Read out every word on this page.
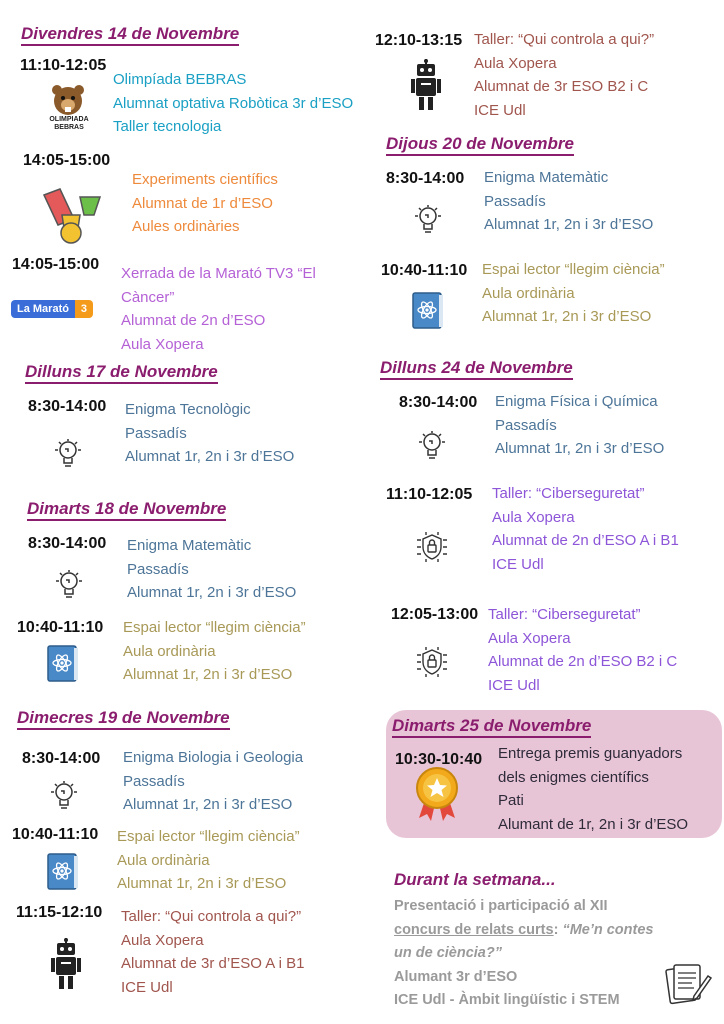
Divendres 14 de Novembre
11:10-12:05
OLIMPIADA
BEBRAS
Olimpíada BEBRAS
Alumnat optativa Robòtica 3r d’ESO
Taller tecnologia
14:05-15:00
Experiments científics
Alumnat de 1r d’ESO
Aules ordinàries
14:05-15:00
La Marató	3
Xerrada de la Marató TV3 “El
Càncer”
Alumnat de 2n d’ESO
Aula Xopera
Dilluns 17 de Novembre
8:30-14:00 Enigma Tecnològic
Passadís
Alumnat 1r, 2n i 3r d’ESO
Dimarts 18 de Novembre
8:30-14:00 Enigma Matemàtic
Passadís
Alumnat 1r, 2n i 3r d’ESO
10:40-11:10 Espai lector “llegim ciència”
Aula ordinària
Alumnat 1r, 2n i 3r d’ESO
Dimecres 19 de Novembre
8:30-14:00 Enigma Biologia i Geologia
Passadís
Alumnat 1r, 2n i 3r d’ESO
10:40-11:10 Espai lector “llegim ciència”
Aula ordinària
Alumnat 1r, 2n i 3r d’ESO
11:15-12:10 Taller: “Qui controla a qui?”
Aula Xopera
Alumnat de 3r d’ESO A i B1
ICE Udl
12:10-13:15 Taller: “Qui controla a qui?”
Aula Xopera
Alumnat de 3r ESO B2 i C
ICE Udl
Dijous 20 de Novembre
8:30-14:00 Enigma Matemàtic
Passadís
Alumnat 1r, 2n i 3r d’ESO
10:40-11:10 Espai lector “llegim ciència”
Aula ordinària
Alumnat 1r, 2n i 3r d’ESO
Dilluns 24 de Novembre
8:30-14:00 Enigma Física i Química
Passadís
Alumnat 1r, 2n i 3r d’ESO
11:10-12:05 Taller: “Ciberseguretat”
Aula Xopera
Alumnat de 2n d’ESO A i B1
ICE Udl
12:05-13:00 Taller: “Ciberseguretat”
Aula Xopera
Alumnat de 2n d’ESO B2 i C
ICE Udl
Dimarts 25 de Novembre
10:30-10:40 Entrega premis guanyadors
dels enigmes científics
Pati
Alumant de 1r, 2n i 3r d’ESO
Durant la setmana...
Presentació i participació al XII
concurs de relats curts: “Me’n contes
un de ciència?”
Alumant 3r d’ESO
ICE Udl - Àmbit lingüístic i STEM
